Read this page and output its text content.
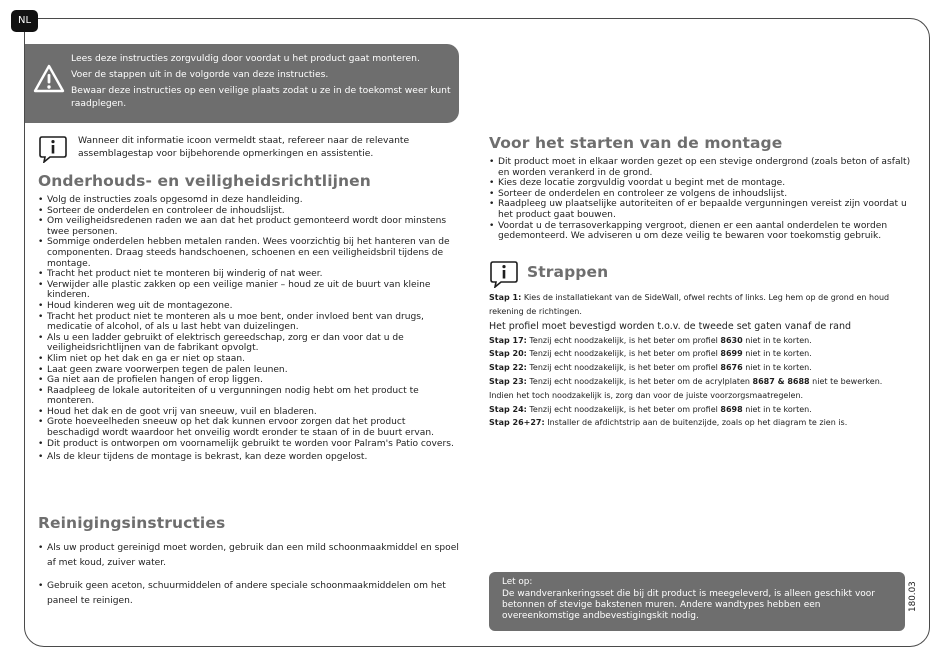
NL
Lees deze instructies zorgvuldig door voordat u het product gaat monteren.
Voer de stappen uit in de volgorde van deze instructies.
Bewaar deze instructies op een veilige plaats zodat u ze in de toekomst weer kunt raadplegen.
Wanneer dit informatie icoon vermeldt staat, refereer naar de relevante assemblagestap voor bijbehorende opmerkingen en assistentie.
Onderhouds- en veiligheidsrichtlijnen
• Volg de instructies zoals opgesomd in deze handleiding.
• Sorteer de onderdelen en controleer de inhoudslijst.
• Om veiligheidsredenen raden we aan dat het product gemonteerd wordt door minstens twee personen.
• Sommige onderdelen hebben metalen randen. Wees voorzichtig bij het hanteren van de componenten. Draag steeds handschoenen, schoenen en een veiligheidsbril tijdens de montage.
• Tracht het product niet te monteren bij winderig of nat weer.
• Verwijder alle plastic zakken op een veilige manier – houd ze uit de buurt van kleine kinderen.
• Houd kinderen weg uit de montagezone.
• Tracht het product niet te monteren als u moe bent, onder invloed bent van drugs, medicatie of alcohol, of als u last hebt van duizelingen.
• Als u een ladder gebruikt of elektrisch gereedschap, zorg er dan voor dat u de veiligheidsrichtlijnen van de fabrikant opvolgt.
• Klim niet op het dak en ga er niet op staan.
• Laat geen zware voorwerpen tegen de palen leunen.
• Ga niet aan de profielen hangen of erop liggen.
• Raadpleeg de lokale autoriteiten of u vergunningen nodig hebt om het product te monteren.
• Houd het dak en de goot vrij van sneeuw, vuil en bladeren.
• Grote hoeveelheden sneeuw op het dak kunnen ervoor zorgen dat het product beschadigd wordt waardoor het onveilig wordt eronder te staan of in de buurt ervan.
• Dit product is ontworpen om voornamelijk gebruikt te worden voor Palram's Patio covers.
• Als de kleur tijdens de montage is bekrast, kan deze worden opgelost.
Reinigingsinstructies
• Als uw product gereinigd moet worden, gebruik dan een mild schoonmaakmiddel en spoel af met koud, zuiver water.
• Gebruik geen aceton, schuurmiddelen of andere speciale schoonmaakmiddelen om het paneel te reinigen.
Voor het starten van de montage
• Dit product moet in elkaar worden gezet op een stevige ondergrond (zoals beton of asfalt) en worden verankerd in de grond.
• Kies deze locatie zorgvuldig voordat u begint met de montage.
• Sorteer de onderdelen en controleer ze volgens de inhoudslijst.
• Raadpleeg uw plaatselijke autoriteiten of er bepaalde vergunningen vereist zijn voordat u het product gaat bouwen.
• Voordat u de terrasoverkapping vergroot, dienen er een aantal onderdelen te worden gedemonteerd. We adviseren u om deze veilig te bewaren voor toekomstig gebruik.
Strappen
Stap 1: Kies de installatiekant van de SideWall, ofwel rechts of links. Leg hem op de grond en houd rekening de richtingen.
Het profiel moet bevestigd worden t.o.v. de tweede set gaten vanaf de rand
Stap 17: Tenzij echt noodzakelijk, is het beter om profiel 8630 niet in te korten.
Stap 20: Tenzij echt noodzakelijk, is het beter om profiel 8699 niet in te korten.
Stap 22: Tenzij echt noodzakelijk, is het beter om profiel 8676 niet in te korten.
Stap 23: Tenzij echt noodzakelijk, is het beter om de acrylplaten 8687 & 8688 niet te bewerken.
Indien het toch noodzakelijk is, zorg dan voor de juiste voorzorgsmaatregelen.
Stap 24: Tenzij echt noodzakelijk, is het beter om profiel 8698 niet in te korten.
Stap 26+27: Installer de afdichtstrip aan de buitenzijde, zoals op het diagram te zien is.
Let op:
De wandverankeringsset die bij dit product is meegeleverd, is alleen geschikt voor betonnen of stevige bakstenen muren. Andere wandtypes hebben een overeenkomstige andbevestigingskit nodig.
180.03
